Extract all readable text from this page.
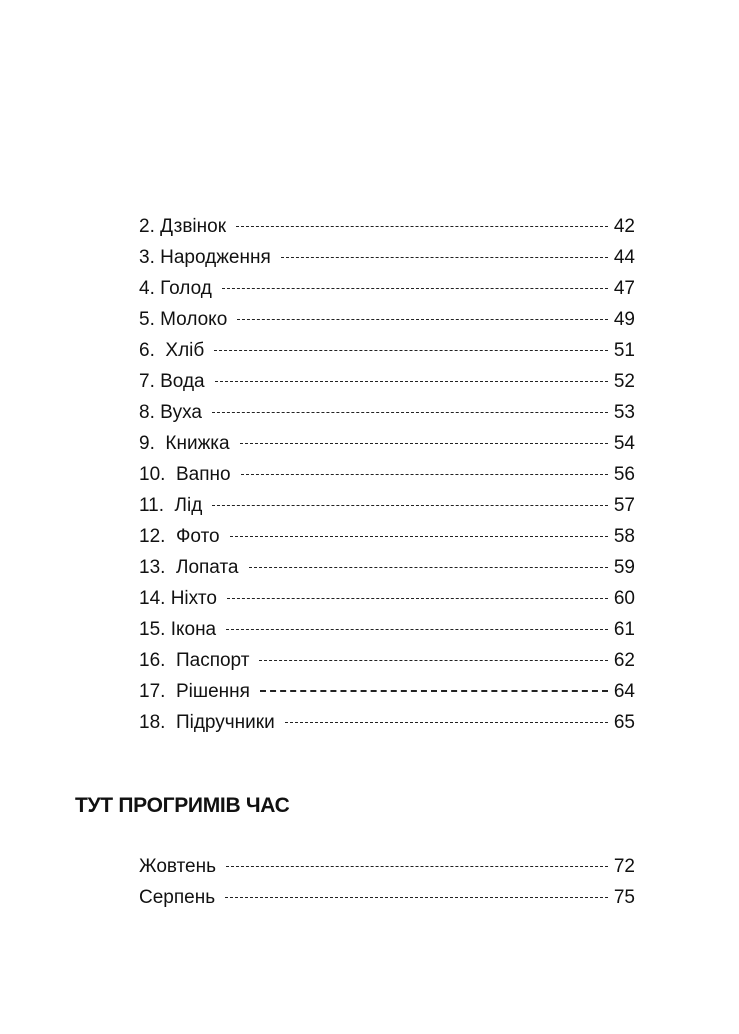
2. Дзвінок	42
3. Народження	44
4. Голод	47
5. Молоко	49
6.  Хліб	51
7. Вода	52
8. Вуха	53
9.  Книжка	54
10.  Вапно	56
11.  Лід	57
12.  Фото	58
13.  Лопата	59
14. Ніхто	60
15. Ікона	61
16.  Паспорт	62
17.  Рішення	64
18.  Підручники	65
ТУТ ПРОГРИМІВ ЧАС
Жовтень	72
Серпень	75
